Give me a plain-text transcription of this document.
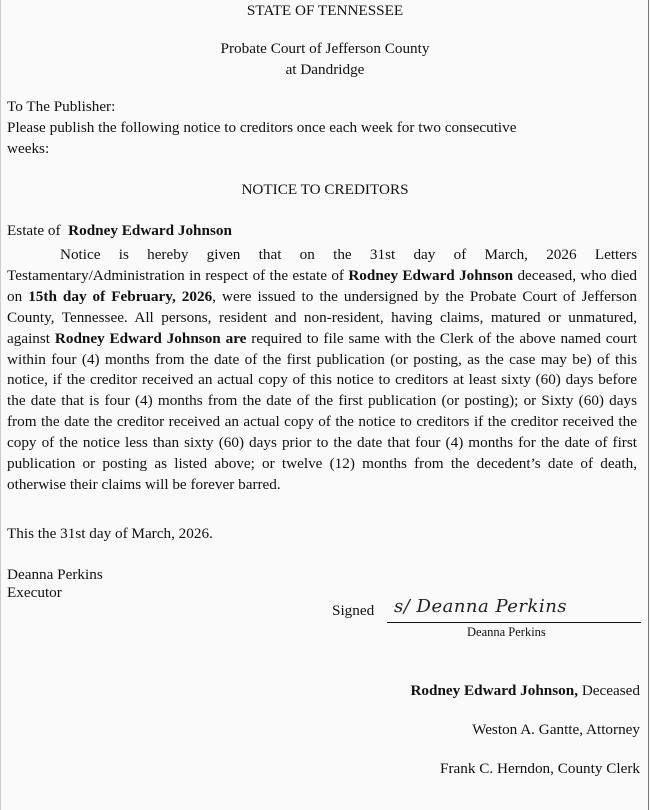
STATE OF TENNESSEE
Probate Court of Jefferson County
at Dandridge
To The Publisher:
Please publish the following notice to creditors once each week for two consecutive
weeks:
NOTICE TO CREDITORS
Estate of Rodney Edward Johnson
Notice is hereby given that on the 31st day of March, 2026 Letters Testamentary/Administration in respect of the estate of Rodney Edward Johnson deceased, who died on 15th day of February, 2026, were issued to the undersigned by the Probate Court of Jefferson County, Tennessee. All persons, resident and non-resident, having claims, matured or unmatured, against Rodney Edward Johnson are required to file same with the Clerk of the above named court within four (4) months from the date of the first publication (or posting, as the case may be) of this notice, if the creditor received an actual copy of this notice to creditors at least sixty (60) days before the date that is four (4) months from the date of the first publication (or posting); or Sixty (60) days from the date the creditor received an actual copy of the notice to creditors if the creditor received the copy of the notice less than sixty (60) days prior to the date that four (4) months for the date of first publication or posting as listed above; or twelve (12) months from the decedent’s date of death, otherwise their claims will be forever barred.
This the 31st day of March, 2026.
Deanna Perkins
Executor
Signed s/ Deanna Perkins
Deanna Perkins
Rodney Edward Johnson, Deceased
Weston A. Gantte, Attorney
Frank C. Herndon, County Clerk
